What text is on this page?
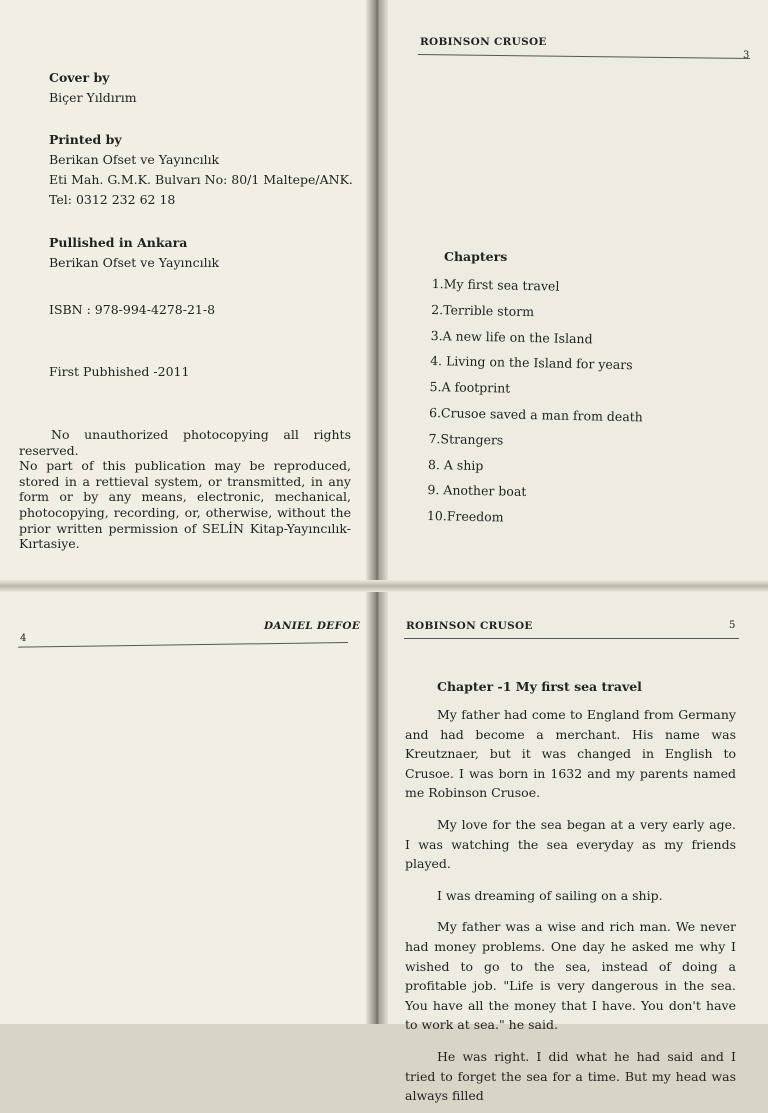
Cover by
Biçer Yıldırım
Printed by
Berikan Ofset ve Yayıncılık
Eti Mah. G.M.K. Bulvarı No: 80/1 Maltepe/ANK.
Tel: 0312 232 62 18
Pullished in Ankara
Berikan Ofset ve Yayıncılık
ISBN : 978-994-4278-21-8
First Pubhished -2011
No unauthorized photocopying all rights reserved. No part of this publication may be reproduced, stored in a rettieval system, or transmitted, in any form or by any means, electronic, mechanical, photocopying, recording, or, otherwise, without the prior written permission of SELİN Kitap-Yayıncılık-Kırtasiye.
ROBINSON CRUSOE
3
Chapters
1.My first sea travel
2.Terrible storm
3.A new life on the Island
4. Living on the Island for years
5.A footprint
6.Crusoe saved a man from death
7.Strangers
8. A ship
9. Another boat
10.Freedom
4
DANIEL DEFOE	ROBINSON CRUSOE	5
Chapter -1 My first sea travel

My father had come to England from Germany and had become a merchant. His name was Kreutznaer, but it was changed in English to Crusoe. I was born in 1632 and my parents named me Robinson Crusoe.

My love for the sea began at a very early age. I was watching the sea everyday as my friends played.

I was dreaming of sailing on a ship.

My father was a wise and rich man. We never had money problems. One day he asked me why I wished to go to the sea, instead of doing a profitable job. "Life is very dangerous in the sea. You have all the money that I have. You don't have to work at sea." he said.

He was right. I did what he had said and I tried to forget the sea for a time. But my head was always filled
